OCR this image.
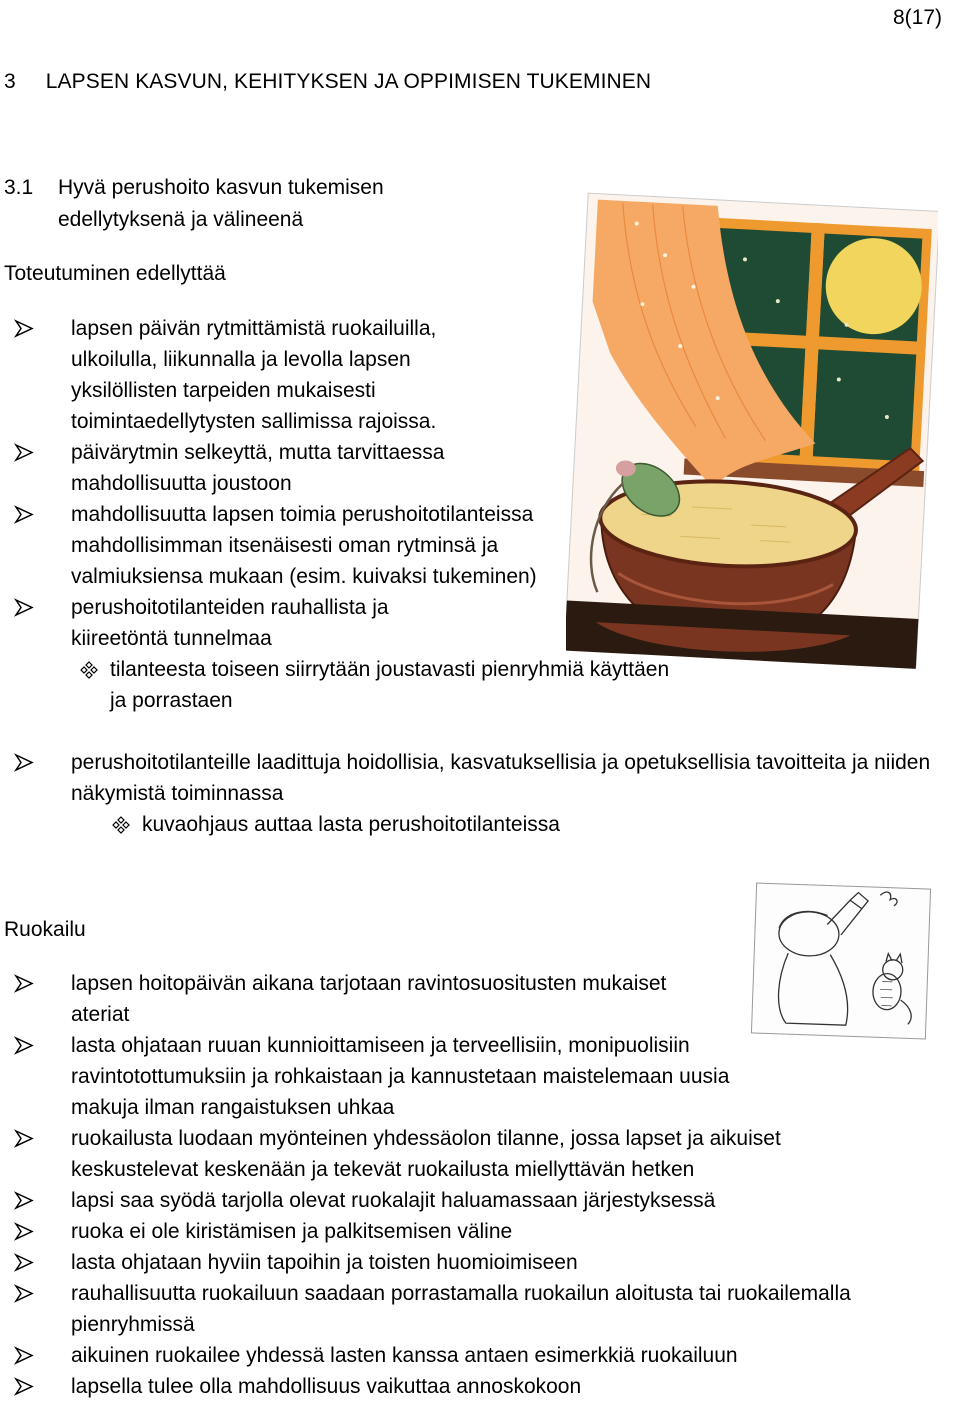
8(17)
3 LAPSEN KASVUN, KEHITYKSEN JA OPPIMISEN TUKEMINEN
3.1 Hyvä perushoito kasvun tukemisen
edellytyksenä ja välineenä
Toteutuminen edellyttää
lapsen päivän rytmittämistä ruokailuilla, ulkoilulla, liikunnalla ja levolla lapsen yksilöllisten tarpeiden mukaisesti toimintaedellytysten sallimissa rajoissa.
päivärytmin selkeyttä, mutta tarvittaessa mahdollisuutta joustoon
mahdollisuutta lapsen toimia perushoitotilanteissa mahdollisimman itsenäisesti oman rytminsä ja valmiuksiensa mukaan (esim. kuivaksi tukeminen)
perushoitotilanteiden rauhallista ja kiireetöntä tunnelmaa
tilanteesta toiseen siirrytään joustavasti pienryhmiä käyttäen ja porrastaen
perushoitotilanteille laadittuja hoidollisia, kasvatuksellisia ja opetuksellisia tavoitteita ja niiden näkymistä toiminnassa
kuvaohjaus auttaa lasta perushoitotilanteissa
Ruokailu
lapsen hoitopäivän aikana tarjotaan ravintosuositusten mukaiset ateriat
lasta ohjataan ruuan kunnioittamiseen ja terveellisiin, monipuolisiin ravintotottumuksiin ja rohkaistaan ja kannustetaan maistelemaan uusia makuja ilman rangaistuksen uhkaa
ruokailusta luodaan myönteinen yhdessäolon tilanne, jossa lapset ja aikuiset keskustelevat keskenään ja tekevät ruokailusta miellyttävän hetken
lapsi saa syödä tarjolla olevat ruokalajit haluamassaan järjestyksessä
ruoka ei ole kiristämisen ja palkitsemisen väline
lasta ohjataan hyviin tapoihin ja toisten huomioimiseen
rauhallisuutta ruokailuun saadaan porrastamalla ruokailun aloitusta tai ruokailemalla pienryhmissä
aikuinen ruokailee yhdessä lasten kanssa antaen esimerkkiä ruokailuun
lapsella tulee olla mahdollisuus vaikuttaa annoskokoon
